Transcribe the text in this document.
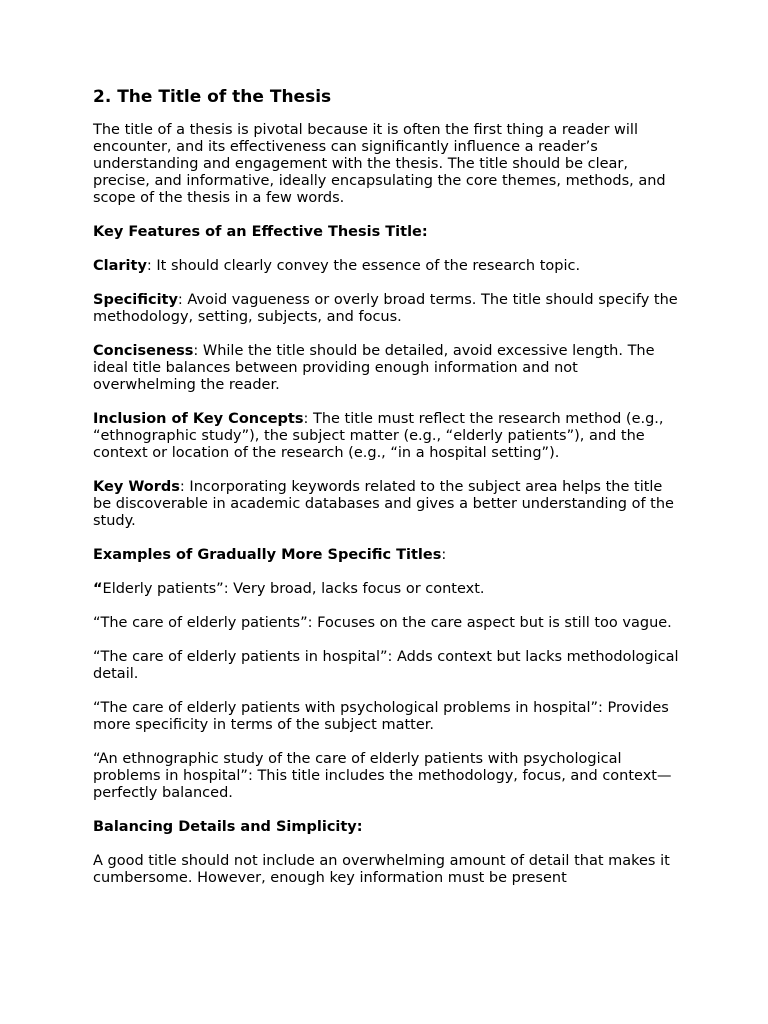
2. The Title of the Thesis

The title of a thesis is pivotal because it is often the first thing a reader will encounter, and its effectiveness can significantly influence a reader’s understanding and engagement with the thesis. The title should be clear, precise, and informative, ideally encapsulating the core themes, methods, and scope of the thesis in a few words.

Key Features of an Effective Thesis Title:

Clarity: It should clearly convey the essence of the research topic.

Specificity: Avoid vagueness or overly broad terms. The title should specify the methodology, setting, subjects, and focus.

Conciseness: While the title should be detailed, avoid excessive length. The ideal title balances between providing enough information and not overwhelming the reader.

Inclusion of Key Concepts: The title must reflect the research method (e.g., “ethnographic study”), the subject matter (e.g., “elderly patients”), and the context or location of the research (e.g., “in a hospital setting”).

Key Words: Incorporating keywords related to the subject area helps the title be discoverable in academic databases and gives a better understanding of the study.

Examples of Gradually More Specific Titles:

“Elderly patients”: Very broad, lacks focus or context.

“The care of elderly patients”: Focuses on the care aspect but is still too vague.

“The care of elderly patients in hospital”: Adds context but lacks methodological detail.

“The care of elderly patients with psychological problems in hospital”: Provides more specificity in terms of the subject matter.

“An ethnographic study of the care of elderly patients with psychological problems in hospital”: This title includes the methodology, focus, and context—perfectly balanced.

Balancing Details and Simplicity:

A good title should not include an overwhelming amount of detail that makes it cumbersome. However, enough key information must be present
